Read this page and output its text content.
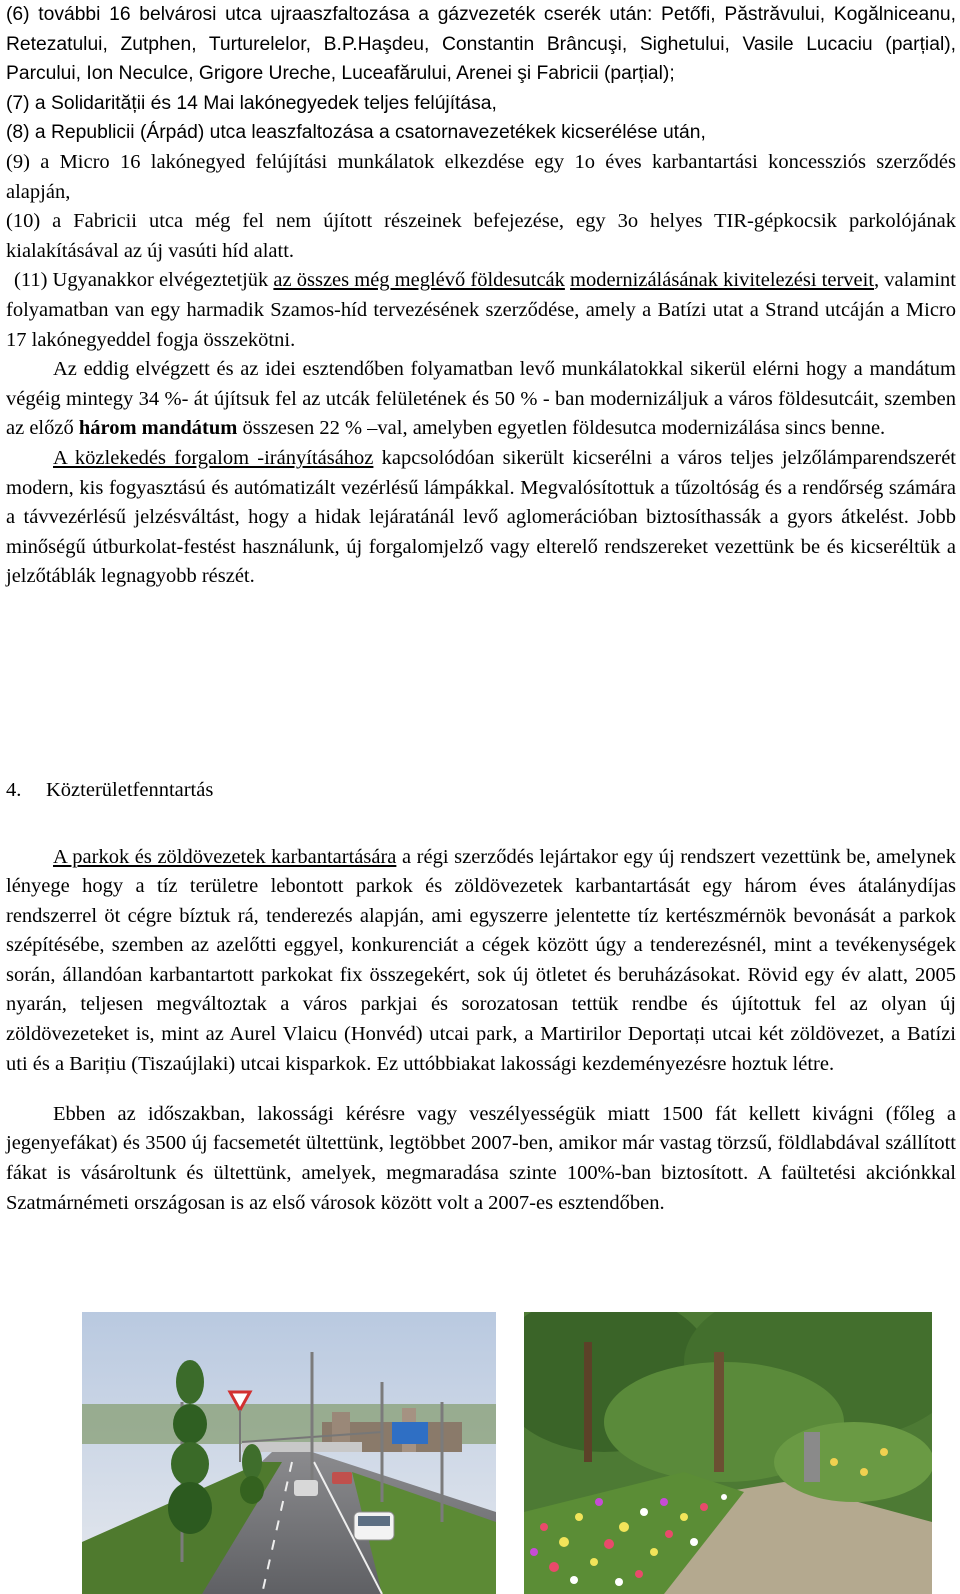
(6) további 16 belvárosi utca ujraaszfaltozása a gázvezeték cserék után: Petőfi, Păstrăvului, Kogălniceanu, Retezatului, Zutphen, Turturelelor, B.P.Haşdeu, Constantin Brâncuşi, Sighetului, Vasile Lucaciu (parțial), Parcului, Ion Neculce, Grigore Ureche, Luceafărului, Arenei şi Fabricii (parțial);

(7) a Solidarității és 14 Mai lakónegyedek teljes felújítása,

(8) a Republicii (Árpád) utca leaszfaltozása a csatornavezetékek kicserélése után,

(9) a Micro 16 lakónegyed felújítási munkálatok elkezdése egy 1o éves karbantartási koncessziós szerződés alapján,

(10) a Fabricii utca még fel nem újított részeinek befejezése, egy 3o helyes TIR-gépkocsik parkolójának kialakításával az új vasúti híd alatt.

(11) Ugyanakkor elvégeztetjük az összes még meglévő földesutcák modernizálásának kivitelezési terveit, valamint folyamatban van egy harmadik Szamos-híd tervezésének szerződése, amely a Batízi utat a Strand utcáján a Micro 17 lakónegyeddel fogja összekötni.

Az eddig elvégzett és az idei esztendőben folyamatban levő munkálatokkal sikerül elérni hogy a mandátum végéig mintegy 34 %- át újítsuk fel az utcák felületének és 50 % - ban modernizáljuk a város földesutcáit, szemben az előző három mandátum összesen 22 % –val, amelyben egyetlen földesutca modernizálása sincs benne.

A közlekedés forgalom -irányításához kapcsolódóan sikerült kicserélni a város teljes jelzőlámparendszerét modern, kis fogyasztású és autómatizált vezérlésű lámpákkal. Megvalósítottuk a tűzoltóság és a rendőrség számára a távvezérlésű jelzésváltást, hogy a hidak lejáratánál levő aglomerációban biztosíthassák a gyors átkelést. Jobb minőségű útburkolat-festést használunk, új forgalomjelző vagy elterelő rendszereket vezettünk be és kicseréltük a jelzőtáblák legnagyobb részét.

4. Közterületfenntartás

A parkok és zöldövezetek karbantartására a régi szerződés lejártakor egy új rendszert vezettünk be, amelynek lényege hogy a tíz területre lebontott parkok és zöldövezetek karbantartását egy három éves átalánydíjas rendszerrel öt cégre bíztuk rá, tenderezés alapján, ami egyszerre jelentette tíz kertészmérnök bevonását a parkok szépítésébe, szemben az azelőtti eggyel, konkurenciát a cégek között úgy a tenderezésnél, mint a tevékenységek során, állandóan karbantartott parkokat fix összegekért, sok új ötletet és beruházásokat. Rövid egy év alatt, 2005 nyarán, teljesen megváltoztak a város parkjai és sorozatosan tettük rendbe és újítottuk fel az olyan új zöldövezeteket is, mint az Aurel Vlaicu (Honvéd) utcai park, a Martirilor Deportați utcai két zöldövezet, a Batízi uti és a Barițiu (Tiszaújlaki) utcai kisparkok. Ez uttóbbiakat lakossági kezdeményezésre hoztuk létre.

Ebben az időszakban, lakossági kérésre vagy veszélyességük miatt 1500 fát kellett kivágni (főleg a jegenyefákat) és 3500 új facsemetét ültettünk, legtöbbet 2007-ben, amikor már vastag törzsű, földlabdával szállított fákat is vásároltunk és ültettünk, amelyek, megmaradása szinte 100%-ban biztosított. A faültetési akciónkkal Szatmárnémeti országosan is az első városok között volt a 2007-es esztendőben.
